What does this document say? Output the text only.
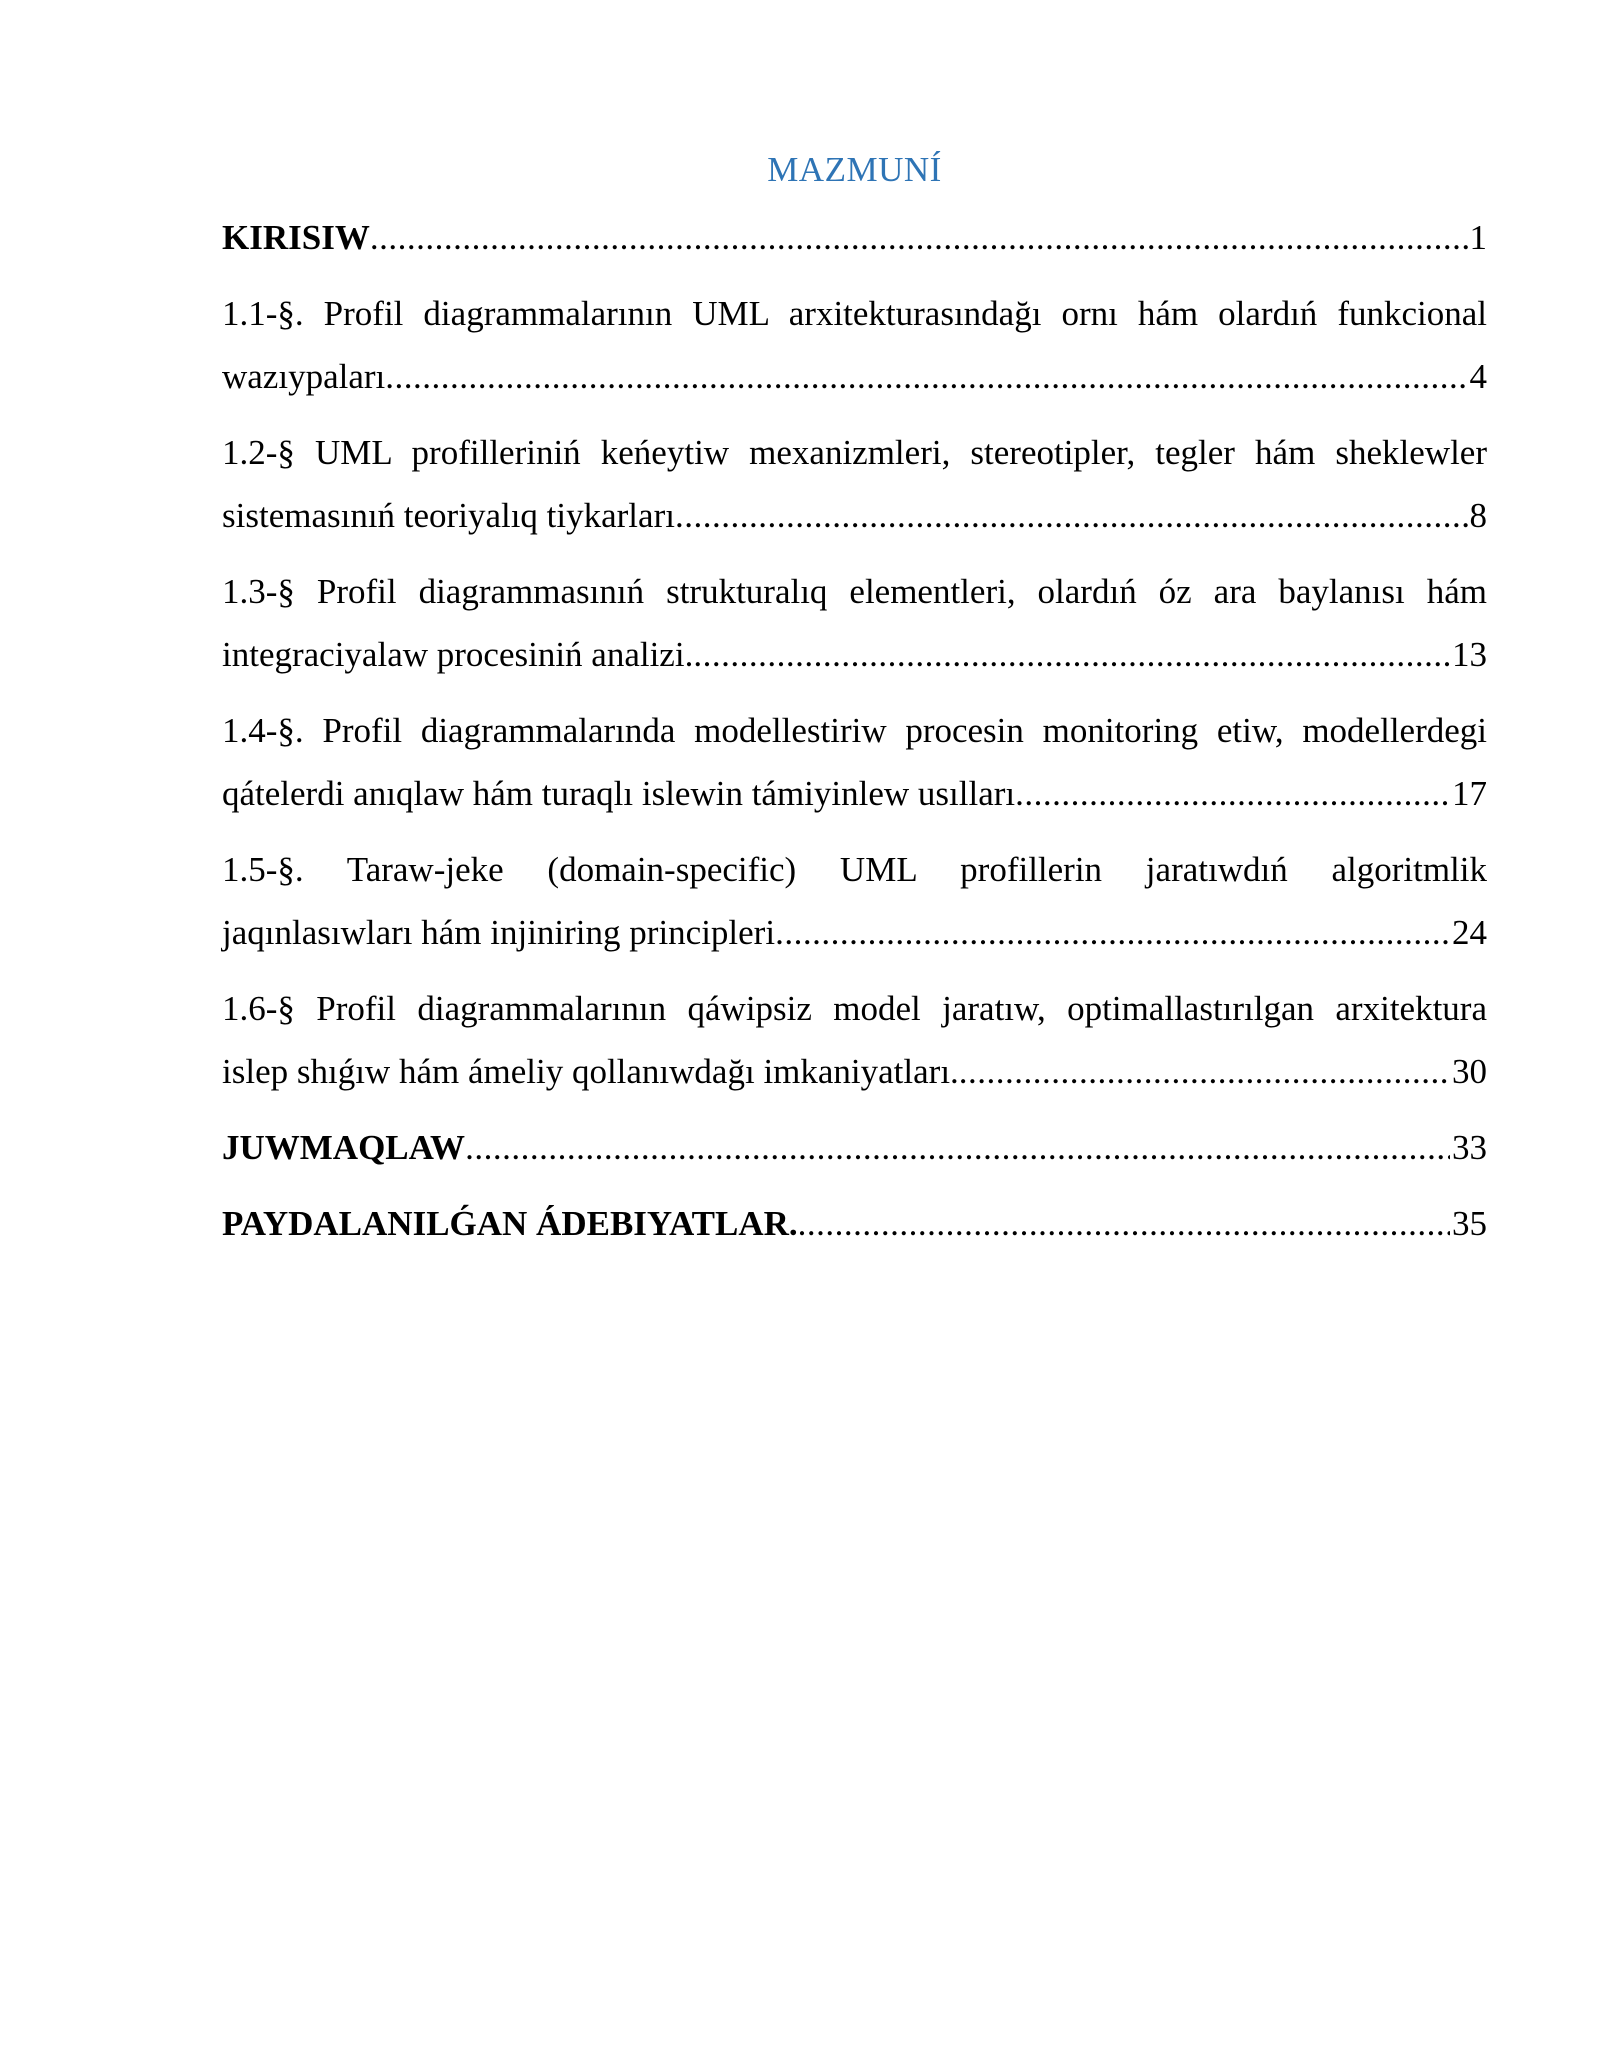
MAZMUNÍ
KIRISIW .....	1
1.1-§. Profil diagrammalarının UML arxitekturasındağı ornı hám olardıń funkcional
wazıypaları .....	4
1.2-§ UML profilleriniń keńeytiw mexanizmleri, stereotipler, tegler hám sheklewler
sistemasınıń teoriyalıq tiykarları .....	8
1.3-§ Profil diagrammasınıń strukturalıq elementleri, olardıń óz ara baylanısı hám
integraciyalaw procesiniń analizi. .....	13
1.4-§. Profil diagrammalarında modellestiriw procesin monitoring etiw, modellerdegi
qátelerdi anıqlaw hám turaqlı islewin támiyinlew usılları .....	17
1.5-§. Taraw-jeke (domain-specific) UML profillerin jaratıwdıń algoritmlik
jaqınlasıwları hám injiniring principleri .....	24
1.6-§ Profil diagrammalarının qáwipsiz model jaratıw, optimallastırılgan arxitektura
islep shıǵıw hám ámeliy qollanıwdağı imkaniyatları. .....	30
JUWMAQLAW .....	33
PAYDALANILǴAN ÁDEBIYATLAR. .....	35
